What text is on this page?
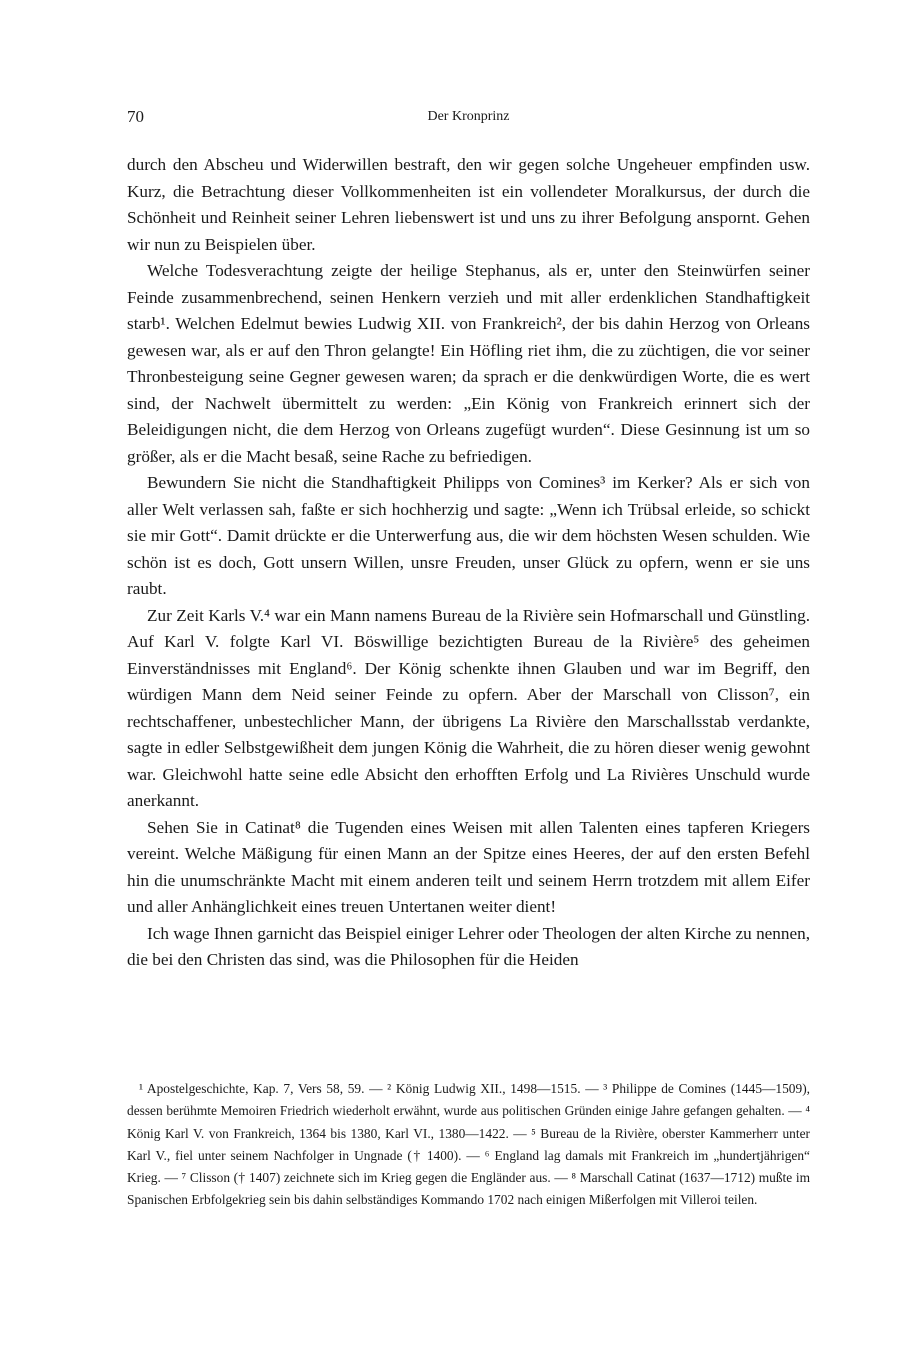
70	Der Kronprinz

durch den Abscheu und Widerwillen bestraft, den wir gegen solche Ungeheuer empfinden usw. Kurz, die Betrachtung dieser Vollkommenheiten ist ein vollendeter Moralkursus, der durch die Schönheit und Reinheit seiner Lehren liebenswert ist und uns zu ihrer Befolgung anspornt. Gehen wir nun zu Beispielen über.

Welche Todesverachtung zeigte der heilige Stephanus, als er, unter den Steinwürfen seiner Feinde zusammenbrechend, seinen Henkern verzieh und mit aller erdenklichen Standhaftigkeit starb¹. Welchen Edelmut bewies Ludwig XII. von Frankreich², der bis dahin Herzog von Orleans gewesen war, als er auf den Thron gelangte! Ein Höfling riet ihm, die zu züchtigen, die vor seiner Thronbesteigung seine Gegner gewesen waren; da sprach er die denkwürdigen Worte, die es wert sind, der Nachwelt übermittelt zu werden: „Ein König von Frankreich erinnert sich der Beleidigungen nicht, die dem Herzog von Orleans zugefügt wurden“. Diese Gesinnung ist um so größer, als er die Macht besaß, seine Rache zu befriedigen.

Bewundern Sie nicht die Standhaftigkeit Philipps von Comines³ im Kerker? Als er sich von aller Welt verlassen sah, faßte er sich hochherzig und sagte: „Wenn ich Trübsal erleide, so schickt sie mir Gott“. Damit drückte er die Unterwerfung aus, die wir dem höchsten Wesen schulden. Wie schön ist es doch, Gott unsern Willen, unsre Freuden, unser Glück zu opfern, wenn er sie uns raubt.

Zur Zeit Karls V.⁴ war ein Mann namens Bureau de la Rivière sein Hofmarschall und Günstling. Auf Karl V. folgte Karl VI. Böswillige bezichtigten Bureau de la Rivière⁵ des geheimen Einverständnisses mit England⁶. Der König schenkte ihnen Glauben und war im Begriff, den würdigen Mann dem Neid seiner Feinde zu opfern. Aber der Marschall von Clisson⁷, ein rechtschaffener, unbestechlicher Mann, der übrigens La Rivière den Marschallsstab verdankte, sagte in edler Selbstgewißheit dem jungen König die Wahrheit, die zu hören dieser wenig gewohnt war. Gleichwohl hatte seine edle Absicht den erhofften Erfolg und La Rivières Unschuld wurde anerkannt.

Sehen Sie in Catinat⁸ die Tugenden eines Weisen mit allen Talenten eines tapferen Kriegers vereint. Welche Mäßigung für einen Mann an der Spitze eines Heeres, der auf den ersten Befehl hin die unumschränkte Macht mit einem anderen teilt und seinem Herrn trotzdem mit allem Eifer und aller Anhänglichkeit eines treuen Untertanen weiter dient!

Ich wage Ihnen garnicht das Beispiel einiger Lehrer oder Theologen der alten Kirche zu nennen, die bei den Christen das sind, was die Philosophen für die Heiden

¹ Apostelgeschichte, Kap. 7, Vers 58, 59. — ² König Ludwig XII., 1498—1515. — ³ Philippe de Comines (1445—1509), dessen berühmte Memoiren Friedrich wiederholt erwähnt, wurde aus politischen Gründen einige Jahre gefangen gehalten. — ⁴ König Karl V. von Frankreich, 1364 bis 1380, Karl VI., 1380—1422. — ⁵ Bureau de la Rivière, oberster Kammerherr unter Karl V., fiel unter seinem Nachfolger in Ungnade († 1400). — ⁶ England lag damals mit Frankreich im „hundertjährigen“ Krieg. — ⁷ Clisson († 1407) zeichnete sich im Krieg gegen die Engländer aus. — ⁸ Marschall Catinat (1637—1712) mußte im Spanischen Erbfolgekrieg sein bis dahin selbständiges Kommando 1702 nach einigen Mißerfolgen mit Villeroi teilen.
